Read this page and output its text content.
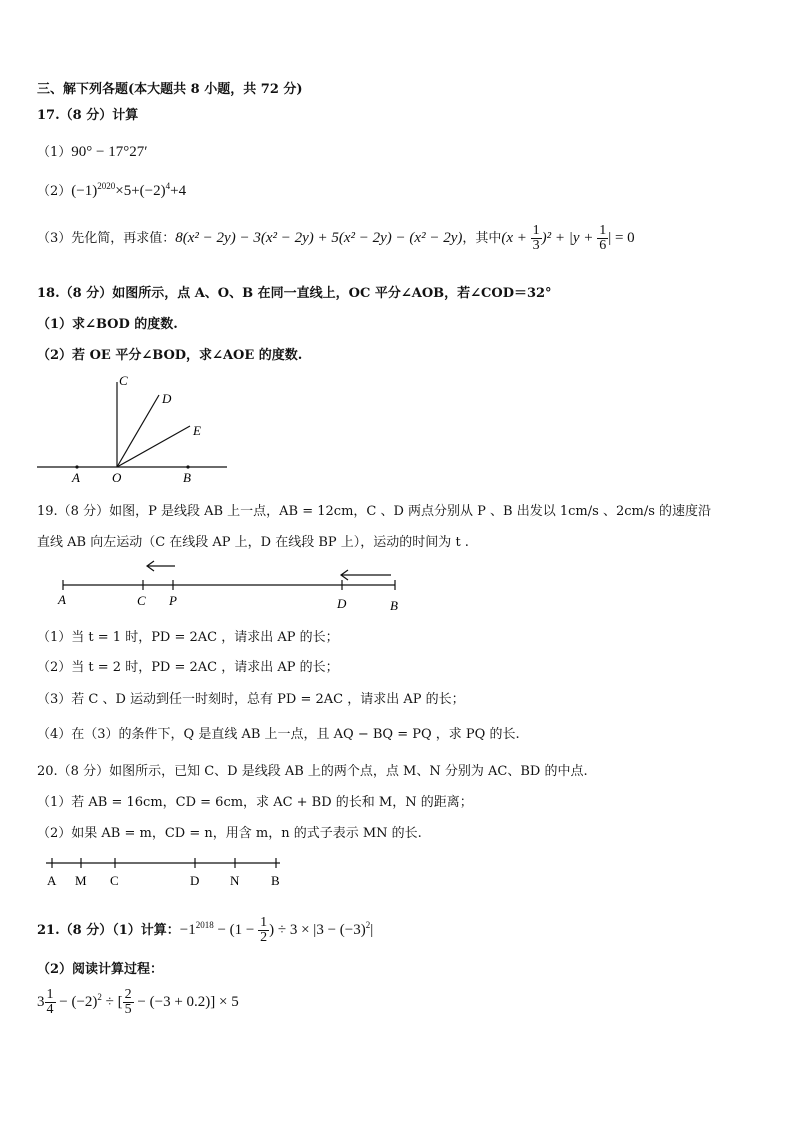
三、解下列各题(本大题共 8 小题，共 72 分)
17.（8 分）计算
（1）90° − 17°27′
$(2)(-1)^{2020}\times 5+(-2)^4+4$
（3）先化简，再求值：8(x² − 2y) − 3(x² − 2y) + 5(x² − 2y) − (x² − 2y)，其中$(x + \frac{1}{3} )^2 + |y + \frac{1}{6}$ | = 0
18.（8 分）如图所示，点 A、O、B 在同一直线上，OC 平分∠AOB，若∠COD＝32°
（1）求∠BOD 的度数.
（2）若 OE 平分∠BOD，求∠AOE 的度数.
C
D
E
A O	B
19.（8 分）如图，P 是线段 AB 上一点，AB = 12cm，C 、D 两点分别从 P 、B 出发以 1cm/s 、2cm/s 的速度沿
直线 AB 向左运动（C 在线段 AP 上，D 在线段 BP 上），运动的时间为 t .
A	C P	D	B
（1）当 t = 1 时，PD = 2AC ，请求出 AP 的长；
（2）当 t = 2 时，PD = 2AC ，请求出 AP 的长；
（3）若 C 、D 运动到任一时刻时，总有 PD = 2AC ，请求出 AP 的长；
（4）在（3）的条件下，Q 是直线 AB 上一点，且 AQ − BQ = PQ ，求 PQ 的长.
20.（8 分）如图所示，已知 C、D 是线段 AB 上的两个点，点 M、N 分别为 AC、BD 的中点.
（1）若 AB = 16cm，CD = 6cm，求 AC + BD 的长和 M，N 的距离；
（2）如果 AB = m，CD = n，用含 m，n 的式子表示 MN 的长.
A M C	D N B
21.（8 分）（1）计算：$-1^{2018} - (1 - \frac{1}{2}$ ) ÷ $3 \times |3 - (-3)^2|$
（2）阅读计算过程：
$3 \frac{1}{4} - (-2)^2$ ÷ [ $\frac{2}{5} - (-3 + 0.2)] \times 5$
